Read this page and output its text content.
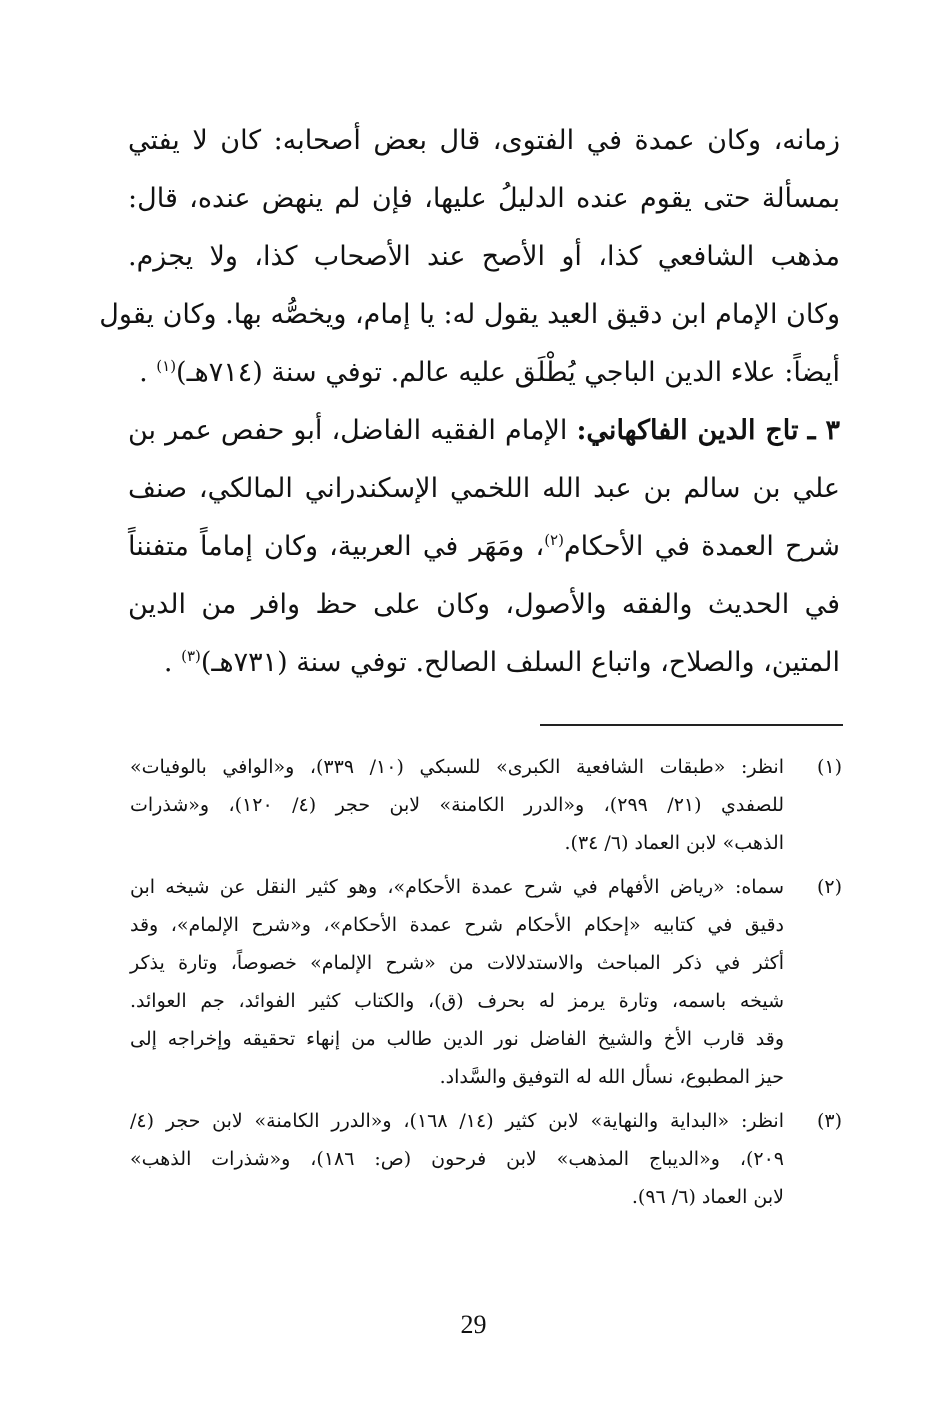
زمانه، وكان عمدة في الفتوى، قال بعض أصحابه: كان لا يفتي
بمسألة حتى يقوم عنده الدليلُ عليها، فإن لم ينهض عنده، قال:
مذهب الشافعي كذا، أو الأصح عند الأصحاب كذا، ولا يجزم.
وكان الإمام ابن دقيق العيد يقول له: يا إمام، ويخصُّه بها. وكان يقول
أيضاً: علاء الدين الباجي يُطْلَق عليه عالم. توفي سنة (٧١٤هـ)$^{(١)}$ .
٣ ـ تاج الدين الفاكهاني: الإمام الفقيه الفاضل، أبو حفص عمر بن
علي بن سالم بن عبد الله اللخمي الإسكندراني المالكي، صنف
شرح العمدة في الأحكام$^{(٢)}$، ومَهَر في العربية، وكان إماماً متفنناً
في الحديث والفقه والأصول، وكان على حظ وافر من الدين
المتين، والصلاح، واتباع السلف الصالح. توفي سنة (٧٣١هـ)$^{(٣)}$ .
(١)
انظر: «طبقات الشافعية الكبرى» للسبكي (١٠/ ٣٣٩)، و«الوافي بالوفيات»
للصفدي (٢١/ ٢٩٩)، و«الدرر الكامنة» لابن حجر (٤/ ١٢٠)، و«شذرات
الذهب» لابن العماد (٦/ ٣٤).
(٢)
سماه: «رياض الأفهام في شرح عمدة الأحكام»، وهو كثير النقل عن شيخه ابن
دقيق في كتابيه «إحكام الأحكام شرح عمدة الأحكام»، و«شرح الإلمام»، وقد
أكثر في ذكر المباحث والاستدلالات من «شرح الإلمام» خصوصاً، وتارة يذكر
شيخه باسمه، وتارة يرمز له بحرف (ق)، والكتاب كثير الفوائد، جم العوائد.
وقد قارب الأخ والشيخ الفاضل نور الدين طالب من إنهاء تحقيقه وإخراجه إلى
حيز المطبوع، نسأل الله له التوفيق والسَّداد.
(٣)
انظر: «البداية والنهاية» لابن كثير (١٤/ ١٦٨)، و«الدرر الكامنة» لابن حجر (٤/
٢٠٩)، و«الديباج المذهب» لابن فرحون (ص: ١٨٦)، و«شذرات الذهب»
لابن العماد (٦/ ٩٦).
29
